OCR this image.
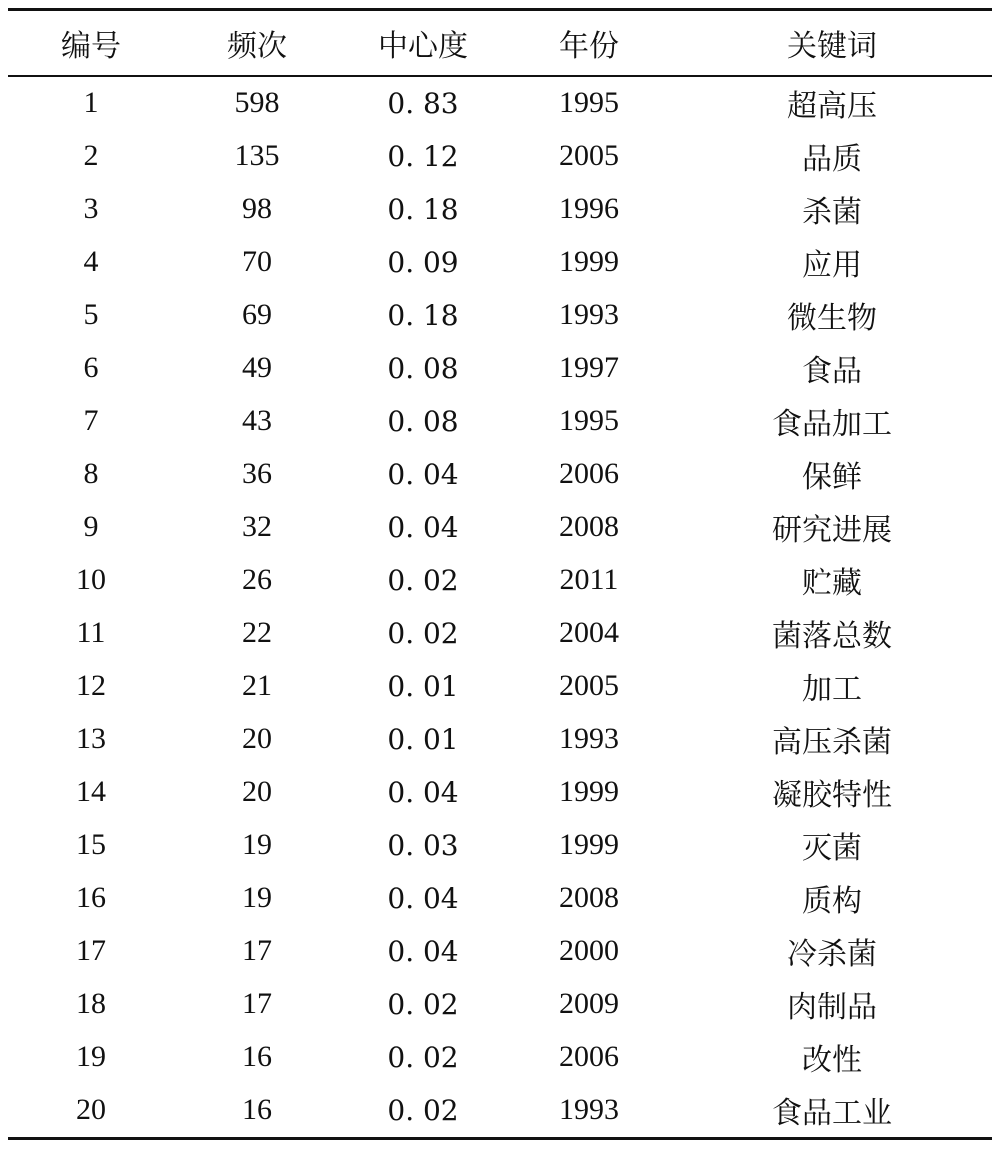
编号	频次	中心度	年份	关键词
1	598	0. 83	1995	超高压
2	135	0. 12	2005	品质
3	98	0. 18	1996	杀菌
4	70	0. 09	1999	应用
5	69	0. 18	1993	微生物
6	49	0. 08	1997	食品
7	43	0. 08	1995	食品加工
8	36	0. 04	2006	保鲜
9	32	0. 04	2008	研究进展
10	26	0. 02	2011	贮藏
11	22	0. 02	2004	菌落总数
12	21	0. 01	2005	加工
13	20	0. 01	1993	高压杀菌
14	20	0. 04	1999	凝胶特性
15	19	0. 03	1999	灭菌
16	19	0. 04	2008	质构
17	17	0. 04	2000	冷杀菌
18	17	0. 02	2009	肉制品
19	16	0. 02	2006	改性
20	16	0. 02	1993	食品工业
